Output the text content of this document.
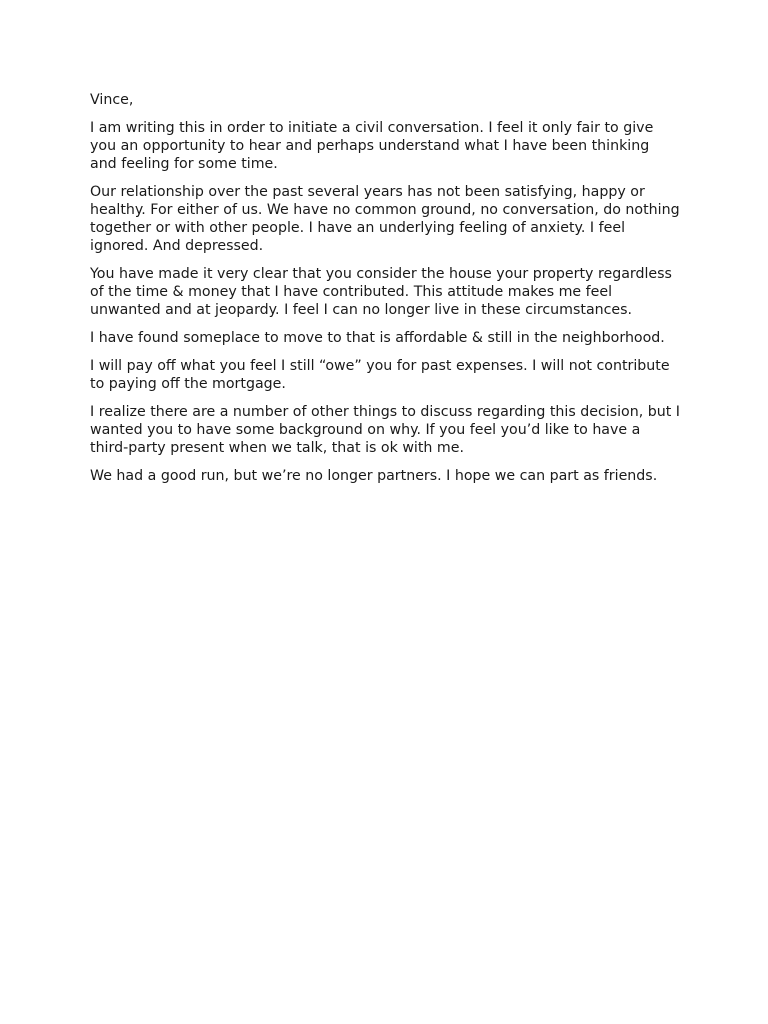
Vince,

I am writing this in order to initiate a civil conversation. I feel it only fair to give you an opportunity to hear and perhaps understand what I have been thinking and feeling for some time.

Our relationship over the past several years has not been satisfying, happy or healthy. For either of us. We have no common ground, no conversation, do nothing together or with other people. I have an underlying feeling of anxiety. I feel ignored. And depressed.

You have made it very clear that you consider the house your property regardless of the time & money that I have contributed. This attitude makes me feel unwanted and at jeopardy. I feel I can no longer live in these circumstances.

I have found someplace to move to that is affordable & still in the neighborhood.

I will pay off what you feel I still “owe” you for past expenses. I will not contribute to paying off the mortgage.

I realize there are a number of other things to discuss regarding this decision, but I wanted you to have some background on why. If you feel you’d like to have a third-party present when we talk, that is ok with me.

We had a good run, but we’re no longer partners. I hope we can part as friends.
